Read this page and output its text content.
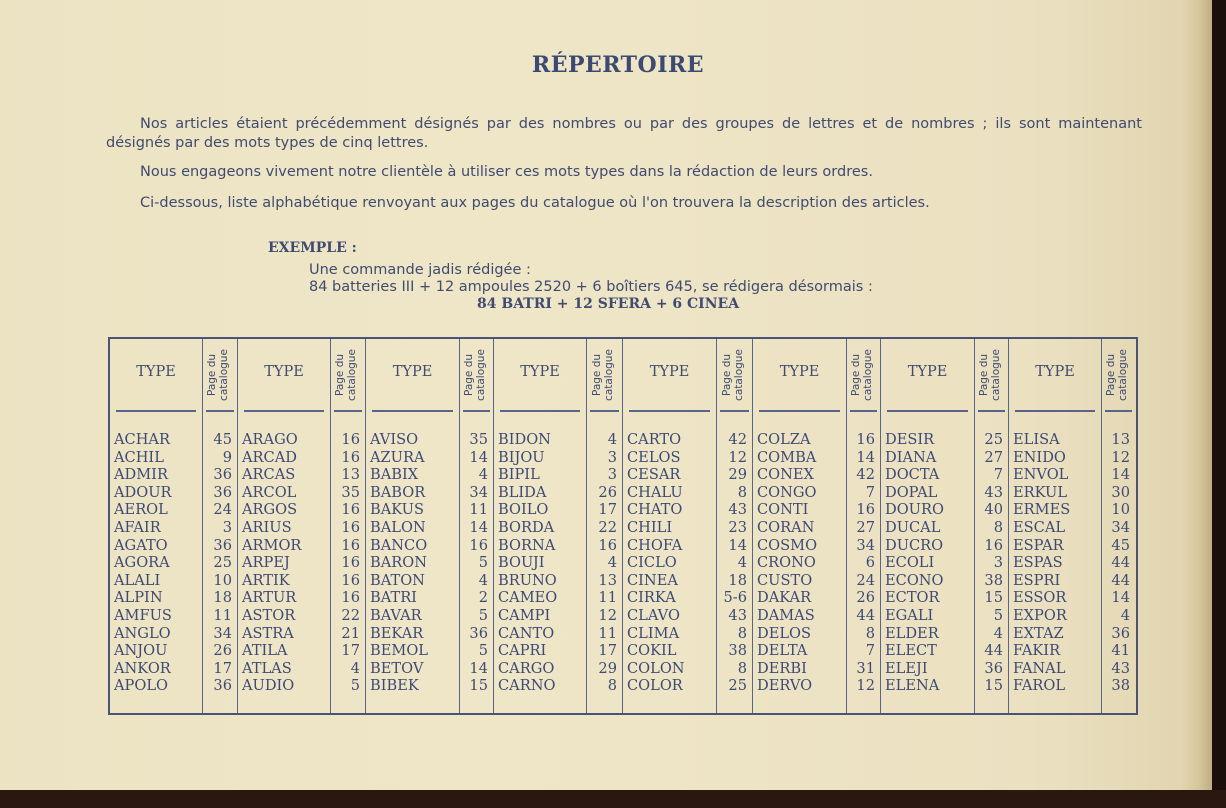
RÉPERTOIRE
Nos articles étaient précédemment désignés par des nombres ou par des groupes de lettres et de nombres ; ils sont maintenant désignés par des mots types de cinq lettres.
Nous engageons vivement notre clientèle à utiliser ces mots types dans la rédaction de leurs ordres.
Ci-dessous, liste alphabétique renvoyant aux pages du catalogue où l'on trouvera la description des articles.
EXEMPLE :
Une commande jadis rédigée :
84 batteries III + 12 ampoules 2520 + 6 boîtiers 645, se rédigera désormais :
84 BATRI + 12 SFERA + 6 CINEA
TYPE	Page du catalogue
ACHAR	45
ACHIL	9
ADMIR	36
ADOUR	36
AEROL	24
AFAIR	3
AGATO	36
AGORA	25
ALALI	10
ALPIN	18
AMFUS	11
ANGLO	34
ANJOU	26
ANKOR	17
APOLO	36
TYPE	Page du catalogue
ARAGO	16
ARCAD	16
ARCAS	13
ARCOL	35
ARGOS	16
ARIUS	16
ARMOR	16
ARPEJ	16
ARTIK	16
ARTUR	16
ASTOR	22
ASTRA	21
ATILA	17
ATLAS	4
AUDIO	5
TYPE	Page du catalogue
AVISO	35
AZURA	14
BABIX	4
BABOR	34
BAKUS	11
BALON	14
BANCO	16
BARON	5
BATON	4
BATRI	2
BAVAR	5
BEKAR	36
BEMOL	5
BETOV	14
BIBEK	15
TYPE	Page du catalogue
BIDON	4
BIJOU	3
BIPIL	3
BLIDA	26
BOILO	17
BORDA	22
BORNA	16
BOUJI	4
BRUNO	13
CAMEO	11
CAMPI	12
CANTO	11
CAPRI	17
CARGO	29
CARNO	8
TYPE	Page du catalogue
CARTO	42
CELOS	12
CESAR	29
CHALU	8
CHATO	43
CHILI	23
CHOFA	14
CICLO	4
CINEA	18
CIRKA	5-6
CLAVO	43
CLIMA	8
COKIL	38
COLON	8
COLOR	25
TYPE	Page du catalogue
COLZA	16
COMBA	14
CONEX	42
CONGO	7
CONTI	16
CORAN	27
COSMO	34
CRONO	6
CUSTO	24
DAKAR	26
DAMAS	44
DELOS	8
DELTA	7
DERBI	31
DERVO	12
TYPE	Page du catalogue
DESIR	25
DIANA	27
DOCTA	7
DOPAL	43
DOURO	40
DUCAL	8
DUCRO	16
ECOLI	3
ECONO	38
ECTOR	15
EGALI	5
ELDER	4
ELECT	44
ELEJI	36
ELENA	15
TYPE	Page du catalogue
ELISA	13
ENIDO	12
ENVOL	14
ERKUL	30
ERMES	10
ESCAL	34
ESPAR	45
ESPAS	44
ESPRI	44
ESSOR	14
EXPOR	4
EXTAZ	36
FAKIR	41
FANAL	43
FAROL	38
